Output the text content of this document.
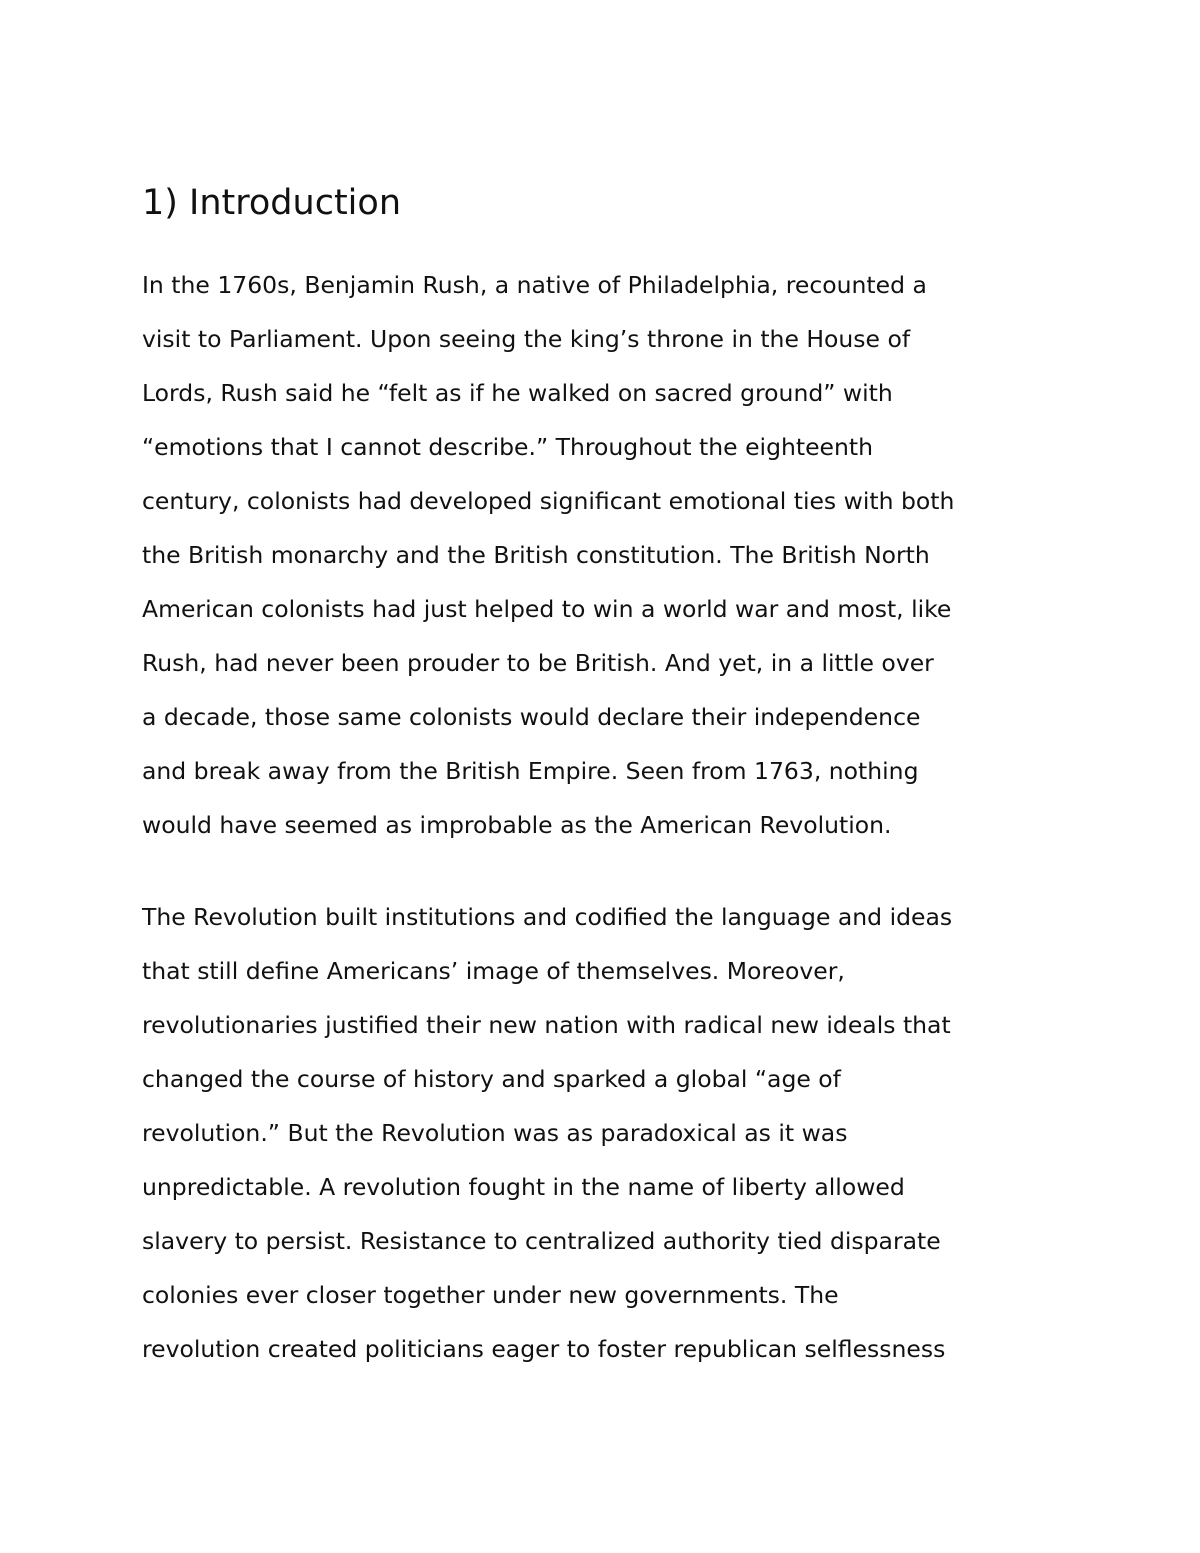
1) Introduction
In the 1760s, Benjamin Rush, a native of Philadelphia, recounted a
visit to Parliament. Upon seeing the king’s throne in the House of
Lords, Rush said he “felt as if he walked on sacred ground” with
“emotions that I cannot describe.” Throughout the eighteenth
century, colonists had developed significant emotional ties with both
the British monarchy and the British constitution. The British North
American colonists had just helped to win a world war and most, like
Rush, had never been prouder to be British. And yet, in a little over
a decade, those same colonists would declare their independence
and break away from the British Empire. Seen from 1763, nothing
would have seemed as improbable as the American Revolution.
The Revolution built institutions and codified the language and ideas
that still define Americans’ image of themselves. Moreover,
revolutionaries justified their new nation with radical new ideals that
changed the course of history and sparked a global “age of
revolution.” But the Revolution was as paradoxical as it was
unpredictable. A revolution fought in the name of liberty allowed
slavery to persist. Resistance to centralized authority tied disparate
colonies ever closer together under new governments. The
revolution created politicians eager to foster republican selflessness
